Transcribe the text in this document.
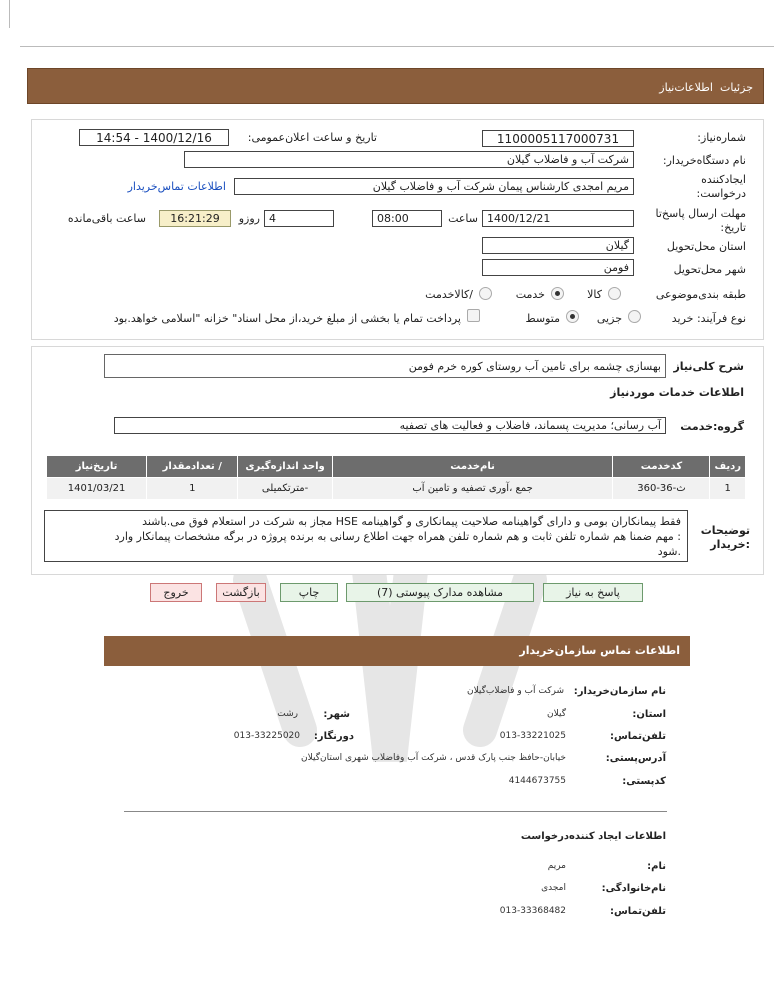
جزئیات
اطلاعات‌نیاز
شماره‌نیاز:
1100005117000731
تاریخ و ساعت اعلان‌عمومی:
1400/12/16 - 14:54
نام دستگاه‌خریدار:
شرکت آب و فاضلاب گیلان
ایجادکننده
درخواست:
مریم امجدی کارشناس پیمان شرکت آب و فاضلاب گیلان
اطلاعات تماس‌خریدار
مهلت ارسال پاسخ‌تا
تاریخ:
1400/12/21
ساعت
08:00
4
روزو
16:21:29
ساعت باقی‌مانده
استان محل‌تحویل
گیلان
شهر محل‌تحویل
فومن
طبقه بندی‌موضوعی
کالا
خدمت
/کالاخدمت
نوع فرآیند: خرید
جزیی
متوسط
پرداخت تمام یا بخشی از مبلغ خرید،از محل اسناد" خزانه "اسلامی خواهد.بود
شرح کلی‌نیاز
بهسازی چشمه برای تامین آب روستای کوره خرم فومن
اطلاعات خدمات موردنیاز
گروه:خدمت
آب رسانی؛ مدیریت پسماند، فاضلاب و فعالیت های تصفیه
ردیف	کدخدمت	نام‌خدمت	واحد اندازه‌گیری	/ تعدادمقدار	تاریخ‌نیاز
1	ث-36-360	جمع ،آوری تصفیه و تامین آب	-مترتکمیلی	1	1401/03/21
توضیحات
:خریدار
فقط پیمانکاران بومی و دارای گواهینامه صلاحیت پیمانکاری و گواهینامه HSE مجاز به شرکت در استعلام فوق می.باشند
: مهم ضمنا هم شماره تلفن ثابت و هم شماره تلفن همراه جهت اطلاع رسانی به برنده پروژه در برگه مشخصات پیمانکار وارد
.شود
پاسخ به نیاز
مشاهده مدارک پیوستی (7)
چاپ
بازگشت
خروج
اطلاعات تماس سازمان‌خریدار
نام سازمان‌خریدار:
شرکت آب و فاضلاب‌گیلان
استان:
گیلان
شهر:
رشت
تلفن‌تماس:
013-33221025
دورنگار:
013-33225020
آدرس‌پستی:
خیابان-حافظ جنب پارک قدس ، شرکت آب وفاضلاب شهری استان‌گیلان
کدپستی:
4144673755
اطلاعات ایجاد کننده‌درخواست
نام:
مریم
نام‌خانوادگی:
امجدی
تلفن‌تماس:
013-33368482
